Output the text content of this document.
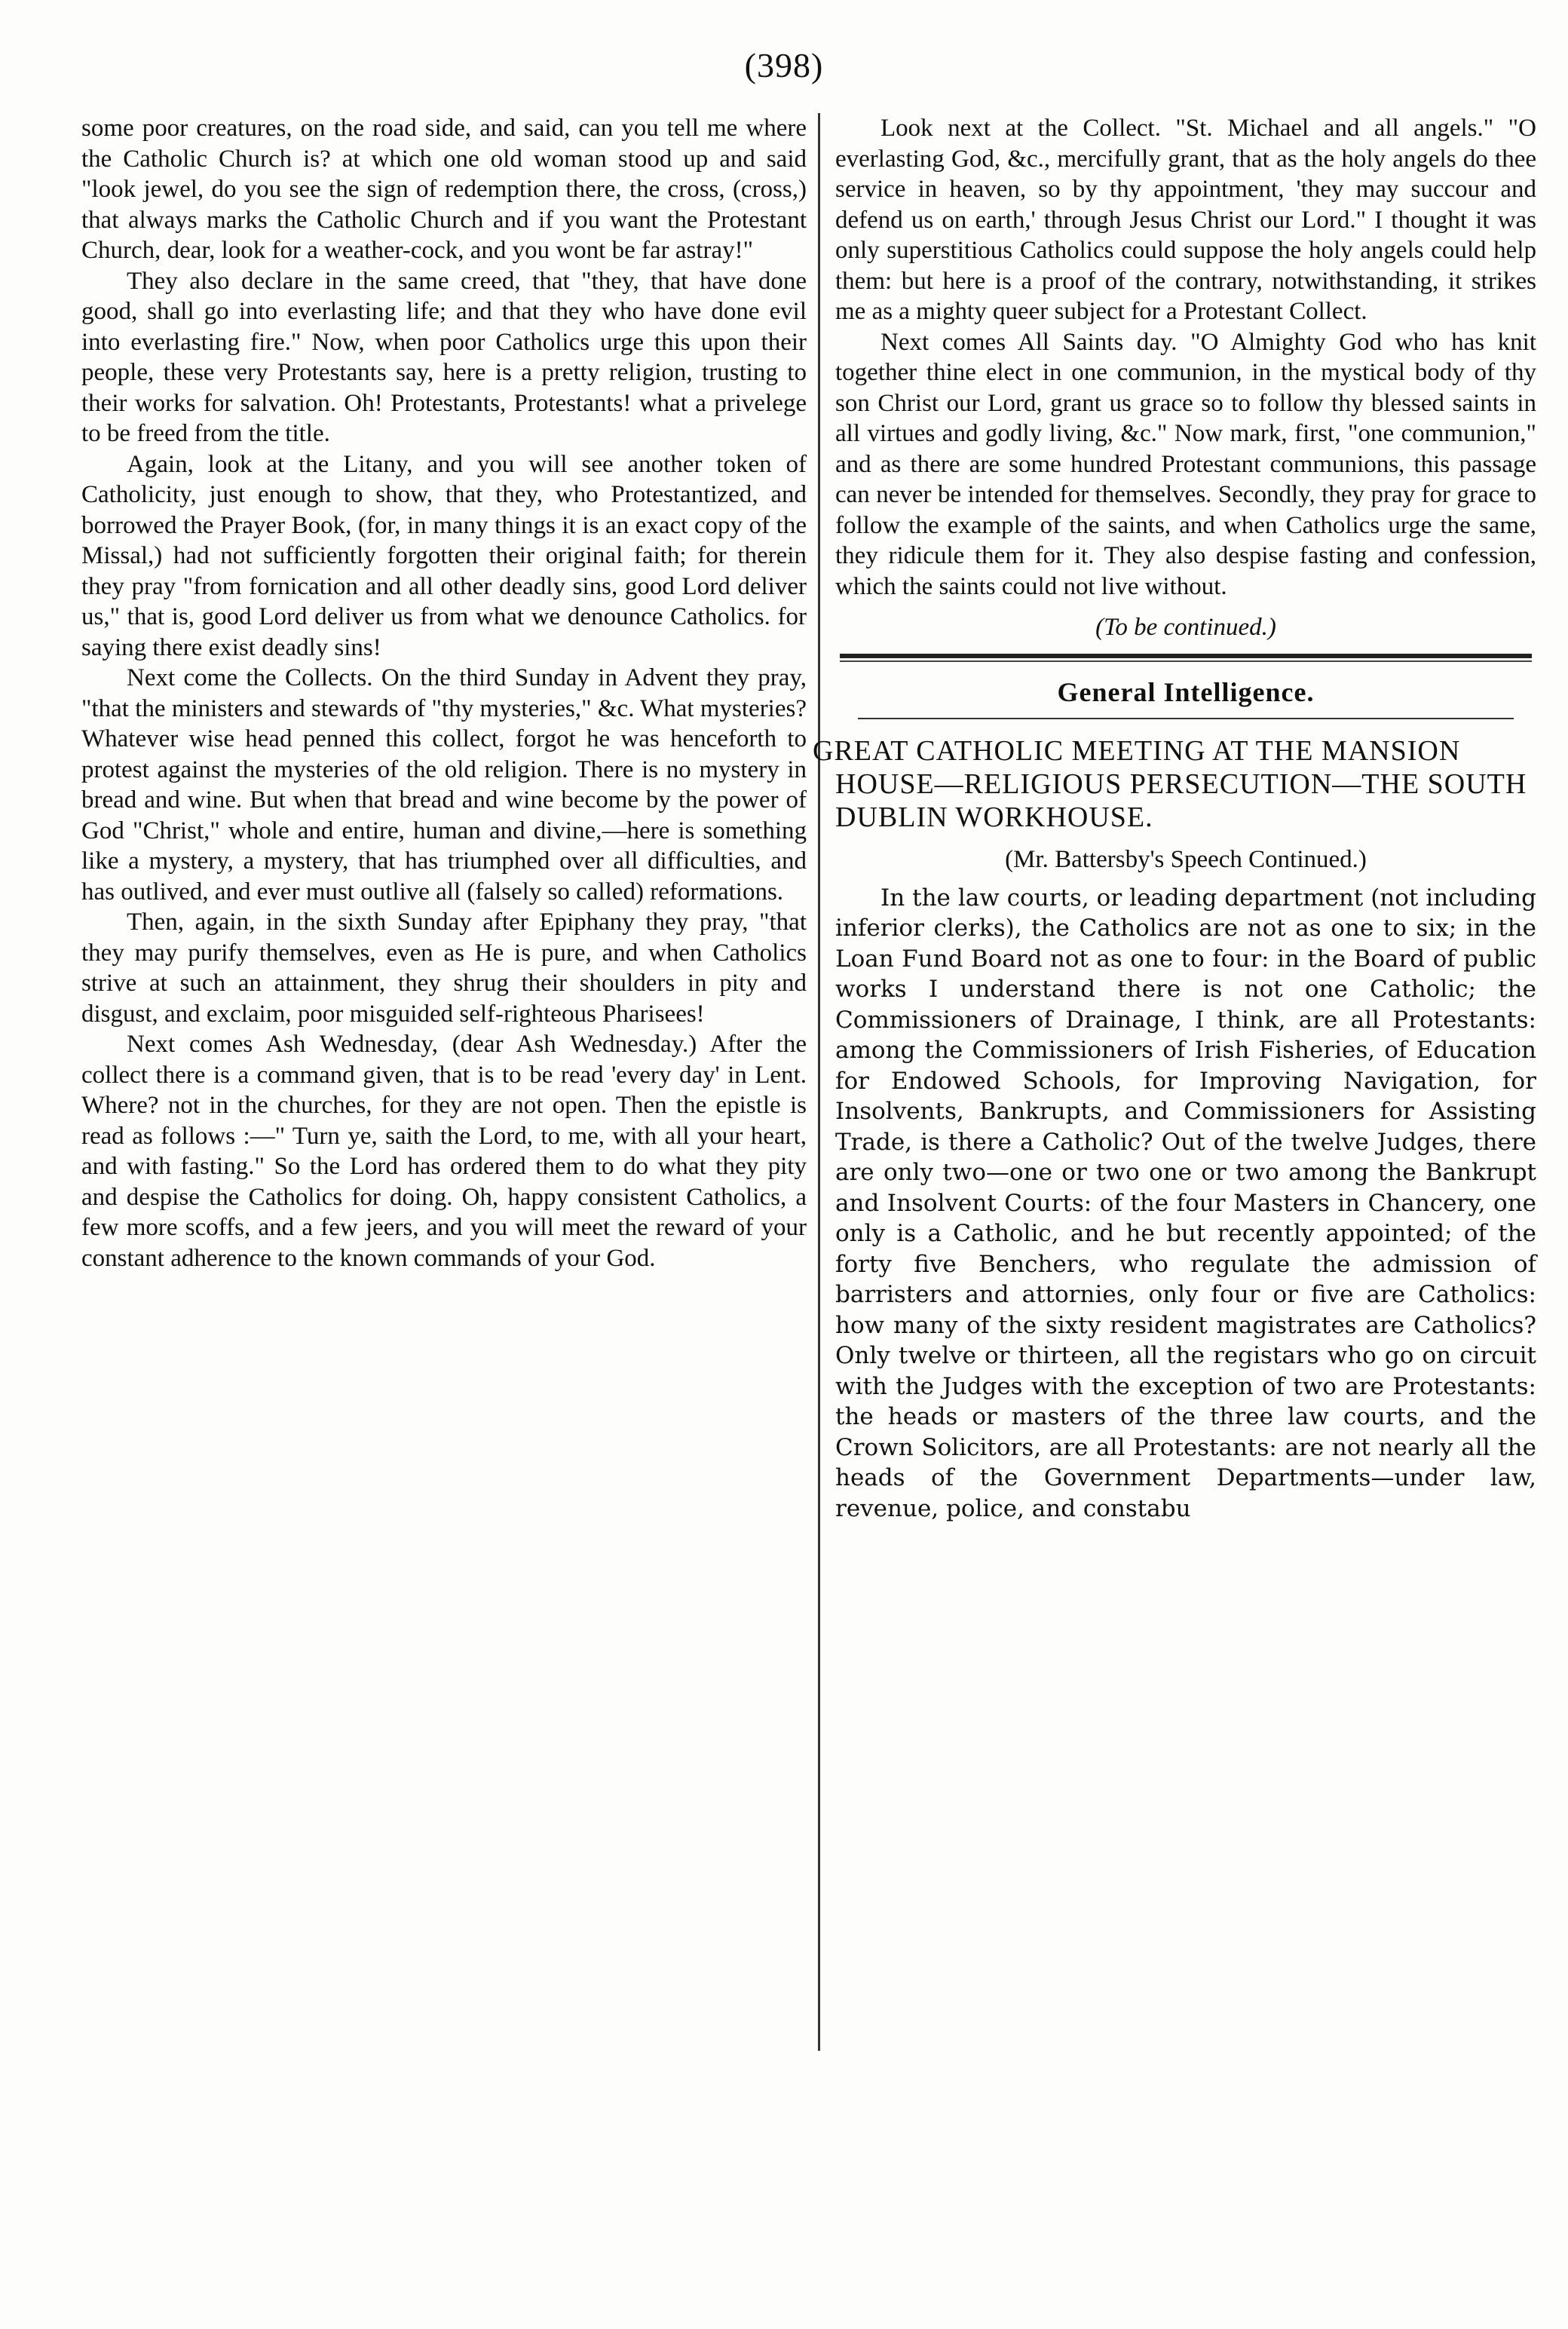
(398)

some poor creatures, on the road side, and said, can you tell me where the Catholic Church is? at which one old woman stood up and said "look jewel, do you see the sign of redemption there, the cross, (cross,) that always marks the Catholic Church and if you want the Protestant Church, dear, look for a weather-cock, and you wont be far astray!"

They also declare in the same creed, that "they, that have done good, shall go into everlasting life; and that they who have done evil into everlasting fire." Now, when poor Catholics urge this upon their people, these very Protestants say, here is a pretty religion, trusting to their works for salvation. Oh! Protestants, Protestants! what a privelege to be freed from the title.

Again, look at the Litany, and you will see another token of Catholicity, just enough to show, that they, who Protestantized, and borrowed the Prayer Book, (for, in many things it is an exact copy of the Missal,) had not sufficiently forgotten their original faith; for therein they pray "from fornication and all other deadly sins, good Lord deliver us," that is, good Lord deliver us from what we denounce Catholics. for saying there exist deadly sins!

Next come the Collects. On the third Sunday in Advent they pray, "that the ministers and stewards of "thy mysteries," &c. What mysteries? Whatever wise head penned this collect, forgot he was henceforth to protest against the mysteries of the old religion. There is no mystery in bread and wine. But when that bread and wine become by the power of God "Christ," whole and entire, human and divine,—here is something like a mystery, a mystery, that has triumphed over all difficulties, and has outlived, and ever must outlive all (falsely so called) reformations.

Then, again, in the sixth Sunday after Epiphany they pray, "that they may purify themselves, even as He is pure, and when Catholics strive at such an attainment, they shrug their shoulders in pity and disgust, and exclaim, poor misguided self-righteous Pharisees!

Next comes Ash Wednesday, (dear Ash Wednesday.) After the collect there is a command given, that is to be read 'every day' in Lent. Where? not in the churches, for they are not open. Then the epistle is read as follows :—" Turn ye, saith the Lord, to me, with all your heart, and with fasting." So the Lord has ordered them to do what they pity and despise the Catholics for doing. Oh, happy consistent Catholics, a few more scoffs, and a few jeers, and you will meet the reward of your constant adherence to the known commands of your God.

Look next at the Collect. "St. Michael and all angels." "O everlasting God, &c., mercifully grant, that as the holy angels do thee service in heaven, so by thy appointment, 'they may succour and defend us on earth,' through Jesus Christ our Lord." I thought it was only superstitious Catholics could suppose the holy angels could help them: but here is a proof of the contrary, notwithstanding, it strikes me as a mighty queer subject for a Protestant Collect.

Next comes All Saints day. "O Almighty God who has knit together thine elect in one communion, in the mystical body of thy son Christ our Lord, grant us grace so to follow thy blessed saints in all virtues and godly living, &c." Now mark, first, "one communion," and as there are some hundred Protestant communions, this passage can never be intended for themselves. Secondly, they pray for grace to follow the example of the saints, and when Catholics urge the same, they ridicule them for it. They also despise fasting and confession, which the saints could not live without.

(To be continued.)

General Intelligence.

GREAT CATHOLIC MEETING AT THE MANSION HOUSE—RELIGIOUS PERSECUTION—THE SOUTH DUBLIN WORKHOUSE.

(Mr. Battersby's Speech Continued.)

In the law courts, or leading department (not including inferior clerks), the Catholics are not as one to six; in the Loan Fund Board not as one to four: in the Board of public works I understand there is not one Catholic; the Commissioners of Drainage, I think, are all Protestants: among the Commissioners of Irish Fisheries, of Education for Endowed Schools, for Improving Navigation, for Insolvents, Bankrupts, and Commissioners for Assisting Trade, is there a Catholic? Out of the twelve Judges, there are only two—one or two one or two among the Bankrupt and Insolvent Courts: of the four Masters in Chancery, one only is a Catholic, and he but recently appointed; of the forty five Benchers, who regulate the admission of barristers and attornies, only four or five are Catholics: how many of the sixty resident magistrates are Catholics? Only twelve or thirteen, all the registars who go on circuit with the Judges with the exception of two are Protestants: the heads or masters of the three law courts, and the Crown Solicitors, are all Protestants: are not nearly all the heads of the Government Departments—under law, revenue, police, and constabu
